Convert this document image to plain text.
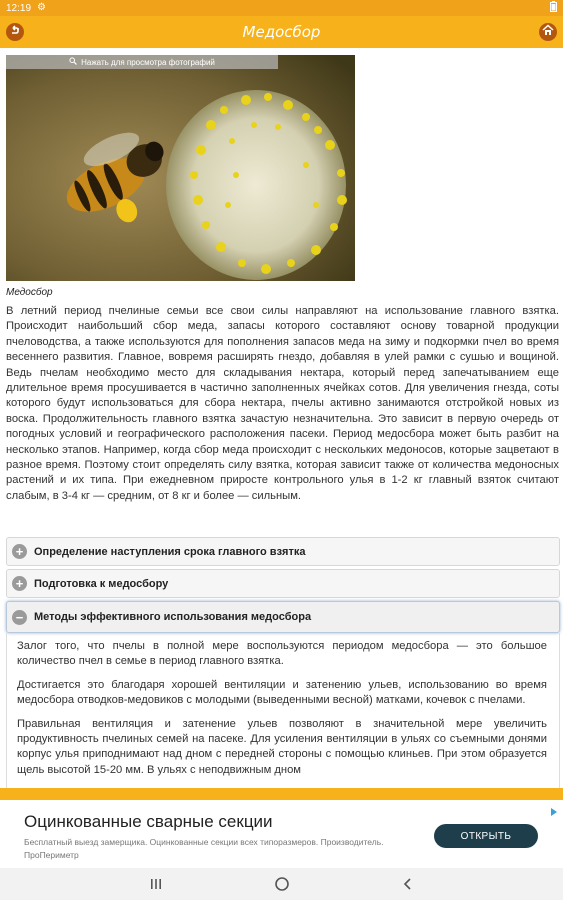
12:19 ⚙
Медосбор
Нажать для просмотра фотографий
Медосбор
В летний период пчелиные семьи все свои силы направляют на использование главного взятка. Происходит наибольший сбор меда, запасы которого составляют основу товарной продукции пчеловодства, а также используются для пополнения запасов меда на зиму и подкормки пчел во время весеннего развития. Главное, вовремя расширять гнездо, добавляя в улей рамки с сушью и вощиной. Ведь пчелам необходимо место для складывания нектара, который перед запечатыванием еще длительное время просушивается в частично заполненных ячейках сотов. Для увеличения гнезда, соты которого будут использоваться для сбора нектара, пчелы активно занимаются отстройкой новых из воска. Продолжительность главного взятка зачастую незначительна. Это зависит в первую очередь от погодных условий и географического расположения пасеки. Период медосбора может быть разбит на несколько этапов. Например, когда сбор меда происходит с нескольких медоносов, которые зацветают в разное время. Поэтому стоит определять силу взятка, которая зависит также от количества медоносных растений и их типа. При ежедневном приросте контрольного улья в 1-2 кг главный взяток считают слабым, в 3-4 кг — средним, от 8 кг и более — сильным.
+ Определение наступления срока главного взятка
+ Подготовка к медосбору
− Методы эффективного использования медосбора

Залог того, что пчелы в полной мере воспользуются периодом медосбора — это большое количество пчел в семье в период главного взятка.

Достигается это благодаря хорошей вентиляции и затенению ульев, использованию во время медосбора отводков-медовиков с молодыми (выведенными весной) матками, кочевок с пчелами.

Правильная вентиляция и затенение ульев позволяют в значительной мере увеличить продуктивность пчелиных семей на пасеке. Для усиления вентиляции в ульях со съемными донями корпус улья приподнимают над дном с передней стороны с помощью клиньев. При этом образуется щель высотой 15-20 мм. В ульях с неподвижным дном

Оцинкованные сварные секции
Бесплатный выезд замерщика. Оцинкованные секции всех типоразмеров. Производитель. ПроПериметр
ОТКРЫТЬ
